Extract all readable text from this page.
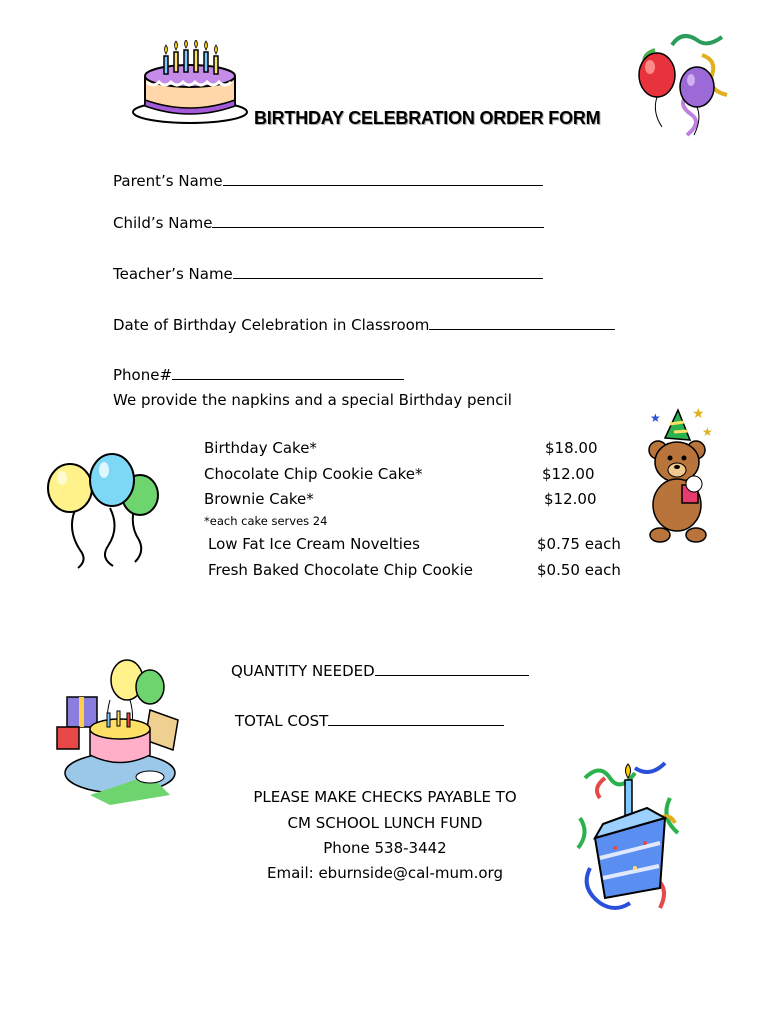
BIRTHDAY CELEBRATION ORDER FORM
Parent’s Name
Child’s Name
Teacher’s Name
Date of Birthday Celebration in Classroom
Phone#
We provide the napkins and a special Birthday pencil
Birthday Cake*	$18.00
Chocolate Chip Cookie Cake*	$12.00
Brownie Cake*	$12.00
*each cake serves 24
Low Fat Ice Cream Novelties	$0.75 each
Fresh Baked Chocolate Chip Cookie	$0.50 each
★
★
★
QUANTITY NEEDED
TOTAL COST
PLEASE MAKE CHECKS PAYABLE TO
CM SCHOOL LUNCH FUND
Phone 538-3442
Email: eburnside@cal-mum.org
